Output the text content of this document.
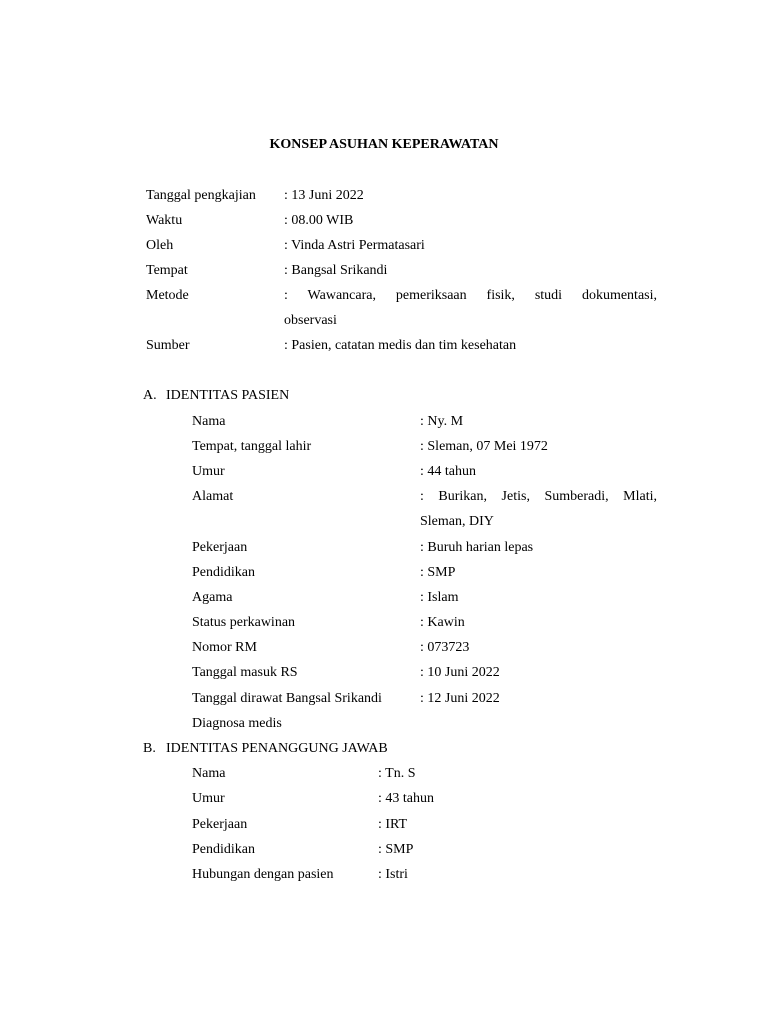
KONSEP ASUHAN KEPERAWATAN
Tanggal pengkajian : 13 Juni 2022
Waktu	: 08.00 WIB
Oleh	: Vinda Astri Permatasari
Tempat	: Bangsal Srikandi
Metode	: Wawancara, pemeriksaan fisik, studi dokumentasi,
observasi
Sumber	: Pasien, catatan medis dan tim kesehatan
A. IDENTITAS PASIEN
Nama	: Ny. M
Tempat, tanggal lahir	: Sleman, 07 Mei 1972
Umur	: 44 tahun
Alamat	: Burikan, Jetis, Sumberadi, Mlati,
Sleman, DIY
Pekerjaan	: Buruh harian lepas
Pendidikan	: SMP
Agama	: Islam
Status perkawinan	: Kawin
Nomor RM	: 073723
Tanggal masuk RS	: 10 Juni 2022
Tanggal dirawat Bangsal Srikandi	: 12 Juni 2022
Diagnosa medis
B. IDENTITAS PENANGGUNG JAWAB
Nama	: Tn. S
Umur	: 43 tahun
Pekerjaan	: IRT
Pendidikan	: SMP
Hubungan dengan pasien	: Istri
